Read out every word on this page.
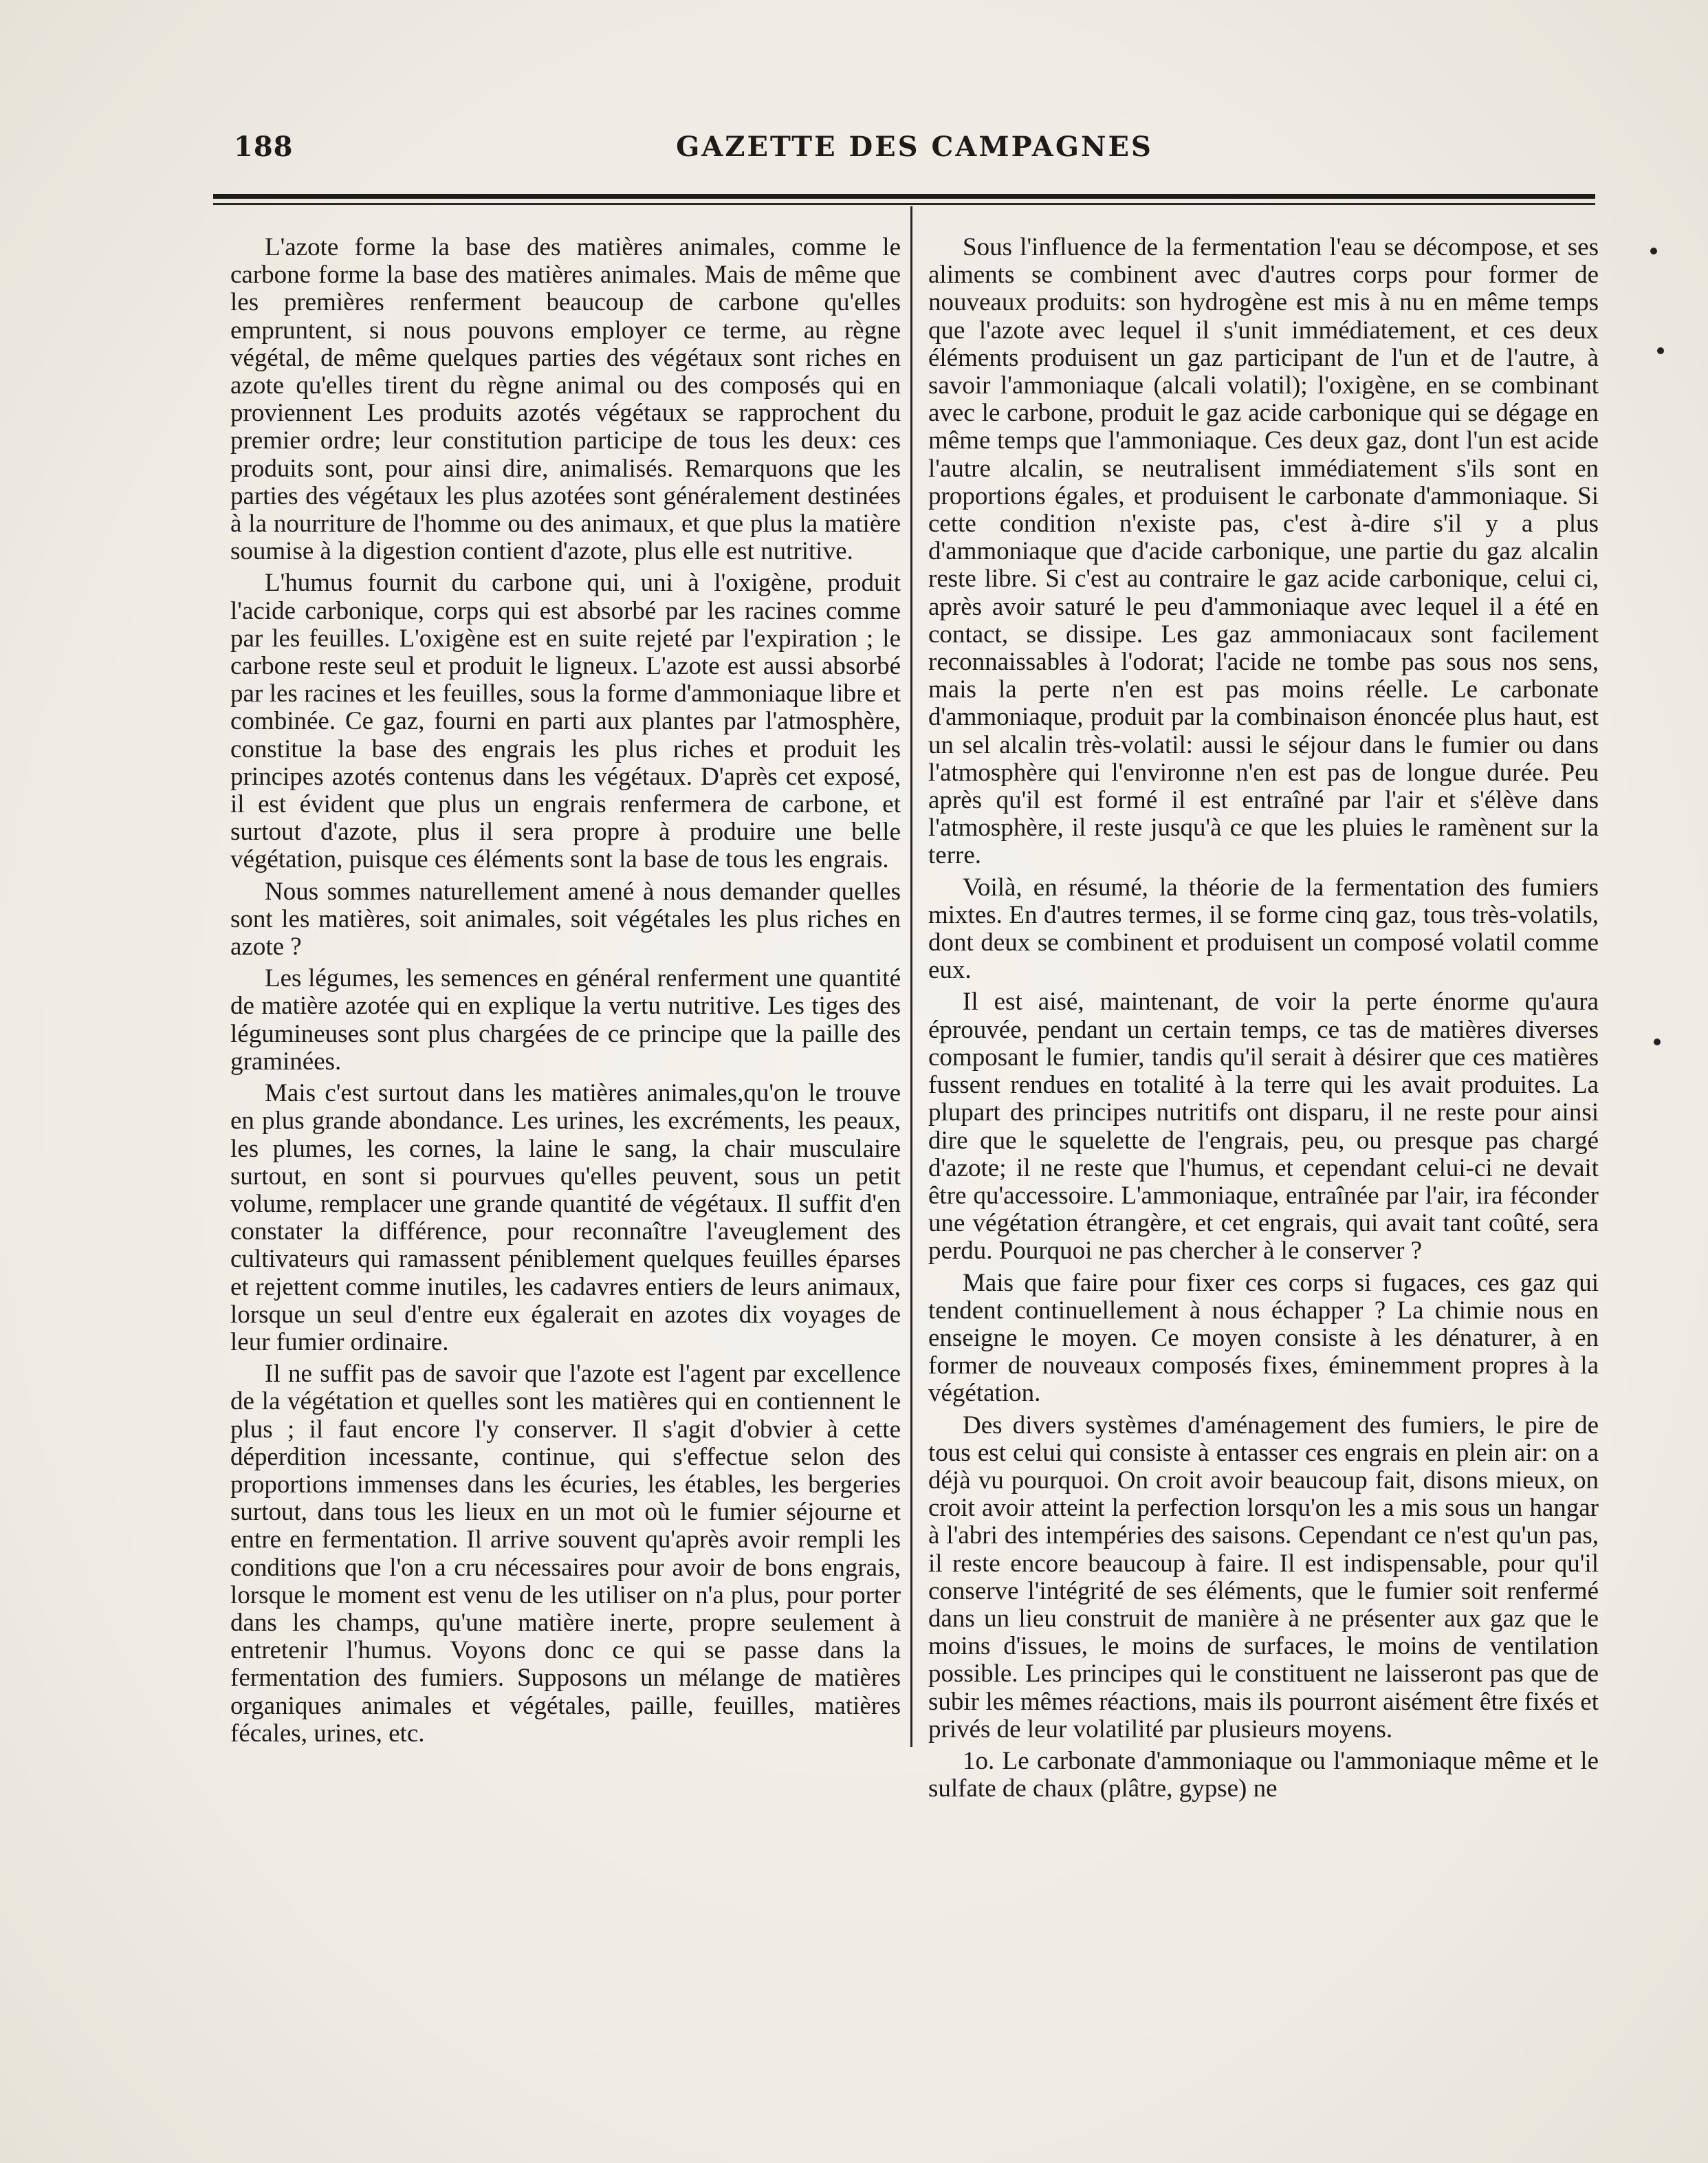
188	GAZETTE DES CAMPAGNES

L'azote forme la base des matières animales, comme le carbone forme la base des matières animales. Mais de même que les premières renferment beaucoup de carbone qu'elles empruntent, si nous pouvons employer ce terme, au règne végétal, de même quelques parties des végétaux sont riches en azote qu'elles tirent du règne animal ou des composés qui en proviennent Les produits azotés végétaux se rapprochent du premier ordre; leur constitution participe de tous les deux: ces produits sont, pour ainsi dire, animalisés. Remarquons que les parties des végétaux les plus azotées sont généralement destinées à la nourriture de l'homme ou des animaux, et que plus la matière soumise à la digestion contient d'azote, plus elle est nutritive.

L'humus fournit du carbone qui, uni à l'oxigène, produit l'acide carbonique, corps qui est absorbé par les racines comme par les feuilles. L'oxigène est en suite rejeté par l'expiration ; le carbone reste seul et produit le ligneux. L'azote est aussi absorbé par les racines et les feuilles, sous la forme d'ammoniaque libre et combinée. Ce gaz, fourni en parti aux plantes par l'atmosphère, constitue la base des engrais les plus riches et produit les principes azotés contenus dans les végétaux. D'après cet exposé, il est évident que plus un engrais renfermera de carbone, et surtout d'azote, plus il sera propre à produire une belle végétation, puisque ces éléments sont la base de tous les engrais.

Nous sommes naturellement amené à nous demander quelles sont les matières, soit animales, soit végétales les plus riches en azote ?

Les légumes, les semences en général renferment une quantité de matière azotée qui en explique la vertu nutritive. Les tiges des légumineuses sont plus chargées de ce principe que la paille des graminées.

Mais c'est surtout dans les matières animales,qu'on le trouve en plus grande abondance. Les urines, les excréments, les peaux, les plumes, les cornes, la laine le sang, la chair musculaire surtout, en sont si pourvues qu'elles peuvent, sous un petit volume, remplacer une grande quantité de végétaux. Il suffit d'en constater la différence, pour reconnaître l'aveuglement des cultivateurs qui ramassent péniblement quelques feuilles éparses et rejettent comme inutiles, les cadavres entiers de leurs animaux, lorsque un seul d'entre eux égalerait en azotes dix voyages de leur fumier ordinaire.

Il ne suffit pas de savoir que l'azote est l'agent par excellence de la végétation et quelles sont les matières qui en contiennent le plus ; il faut encore l'y conserver. Il s'agit d'obvier à cette déperdition incessante, continue, qui s'effectue selon des proportions immenses dans les écuries, les étables, les bergeries surtout, dans tous les lieux en un mot où le fumier séjourne et entre en fermentation. Il arrive souvent qu'après avoir rempli les conditions que l'on a cru nécessaires pour avoir de bons engrais, lorsque le moment est venu de les utiliser on n'a plus, pour porter dans les champs, qu'une matière inerte, propre seulement à entretenir l'humus. Voyons donc ce qui se passe dans la fermentation des fumiers. Supposons un mélange de matières organiques animales et végétales, paille, feuilles, matières fécales, urines, etc.

Sous l'influence de la fermentation l'eau se décompose, et ses aliments se combinent avec d'autres corps pour former de nouveaux produits: son hydrogène est mis à nu en même temps que l'azote avec lequel il s'unit immédiatement, et ces deux éléments produisent un gaz participant de l'un et de l'autre, à savoir l'ammoniaque (alcali volatil); l'oxigène, en se combinant avec le carbone, produit le gaz acide carbonique qui se dégage en même temps que l'ammoniaque. Ces deux gaz, dont l'un est acide l'autre alcalin, se neutralisent immédiatement s'ils sont en proportions égales, et produisent le carbonate d'ammoniaque. Si cette condition n'existe pas, c'est à-dire s'il y a plus d'ammoniaque que d'acide carbonique, une partie du gaz alcalin reste libre. Si c'est au contraire le gaz acide carbonique, celui ci, après avoir saturé le peu d'ammoniaque avec lequel il a été en contact, se dissipe. Les gaz ammoniacaux sont facilement reconnaissables à l'odorat; l'acide ne tombe pas sous nos sens, mais la perte n'en est pas moins réelle. Le carbonate d'ammoniaque, produit par la combinaison énoncée plus haut, est un sel alcalin très-volatil: aussi le séjour dans le fumier ou dans l'atmosphère qui l'environne n'en est pas de longue durée. Peu après qu'il est formé il est entraîné par l'air et s'élève dans l'atmosphère, il reste jusqu'à ce que les pluies le ramènent sur la terre.

Voilà, en résumé, la théorie de la fermentation des fumiers mixtes. En d'autres termes, il se forme cinq gaz, tous très-volatils, dont deux se combinent et produisent un composé volatil comme eux.

Il est aisé, maintenant, de voir la perte énorme qu'aura éprouvée, pendant un certain temps, ce tas de matières diverses composant le fumier, tandis qu'il serait à désirer que ces matières fussent rendues en totalité à la terre qui les avait produites. La plupart des principes nutritifs ont disparu, il ne reste pour ainsi dire que le squelette de l'engrais, peu, ou presque pas chargé d'azote; il ne reste que l'humus, et cependant celui-ci ne devait être qu'accessoire. L'ammoniaque, entraînée par l'air, ira féconder une végétation étrangère, et cet engrais, qui avait tant coûté, sera perdu. Pourquoi ne pas chercher à le conserver ?

Mais que faire pour fixer ces corps si fugaces, ces gaz qui tendent continuellement à nous échapper ? La chimie nous en enseigne le moyen. Ce moyen consiste à les dénaturer, à en former de nouveaux composés fixes, éminemment propres à la végétation.

Des divers systèmes d'aménagement des fumiers, le pire de tous est celui qui consiste à entasser ces engrais en plein air: on a déjà vu pourquoi. On croit avoir beaucoup fait, disons mieux, on croit avoir atteint la perfection lorsqu'on les a mis sous un hangar à l'abri des intempéries des saisons. Cependant ce n'est qu'un pas, il reste encore beaucoup à faire. Il est indispensable, pour qu'il conserve l'intégrité de ses éléments, que le fumier soit renfermé dans un lieu construit de manière à ne présenter aux gaz que le moins d'issues, le moins de surfaces, le moins de ventilation possible. Les principes qui le constituent ne laisseront pas que de subir les mêmes réactions, mais ils pourront aisément être fixés et privés de leur volatilité par plusieurs moyens.

1o. Le carbonate d'ammoniaque ou l'ammoniaque même et le sulfate de chaux (plâtre, gypse) ne
